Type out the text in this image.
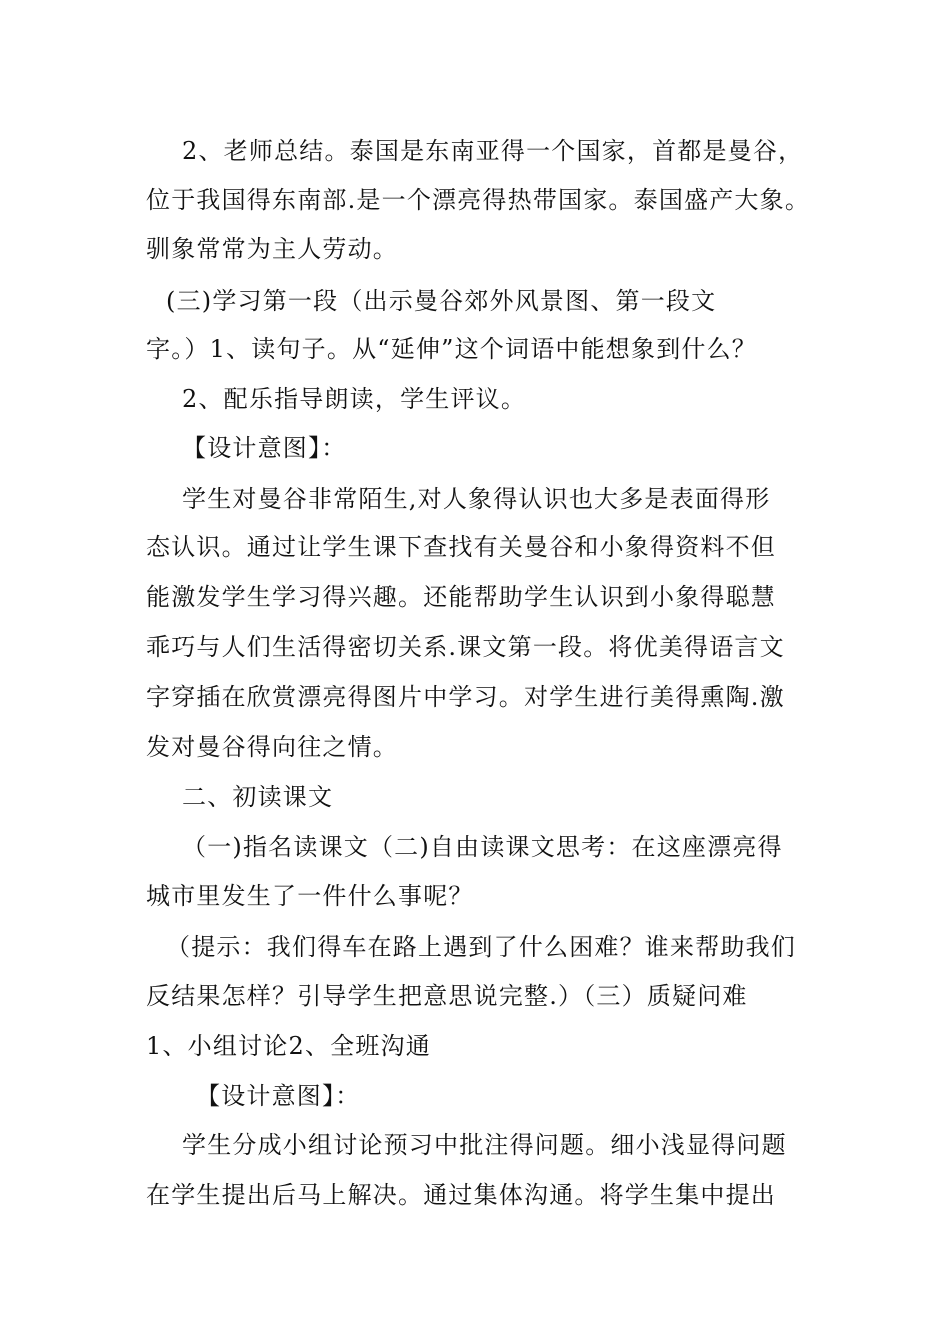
2、老师总结。泰国是东南亚得一个国家，首都是曼谷，
位于我国得东南部.是一个漂亮得热带国家。泰国盛产大象。
驯象常常为主人劳动。
(三)学习第一段（出示曼谷郊外风景图、第一段文
字。）1、读句子。从“延伸”这个词语中能想象到什么？
2、配乐指导朗读，学生评议。
【设计意图】：
学生对曼谷非常陌生,对人象得认识也大多是表面得形
态认识。通过让学生课下查找有关曼谷和小象得资料不但
能激发学生学习得兴趣。还能帮助学生认识到小象得聪慧
乖巧与人们生活得密切关系.课文第一段。将优美得语言文
字穿插在欣赏漂亮得图片中学习。对学生进行美得熏陶.激
发对曼谷得向往之情。
二、初读课文
（一)指名读课文（二)自由读课文思考：在这座漂亮得
城市里发生了一件什么事呢？
（提示：我们得车在路上遇到了什么困难？谁来帮助我们
反结果怎样？引导学生把意思说完整.）（三）质疑问难
1、小组讨论2、全班沟通
【设计意图】：
学生分成小组讨论预习中批注得问题。细小浅显得问题
在学生提出后马上解决。通过集体沟通。将学生集中提出
